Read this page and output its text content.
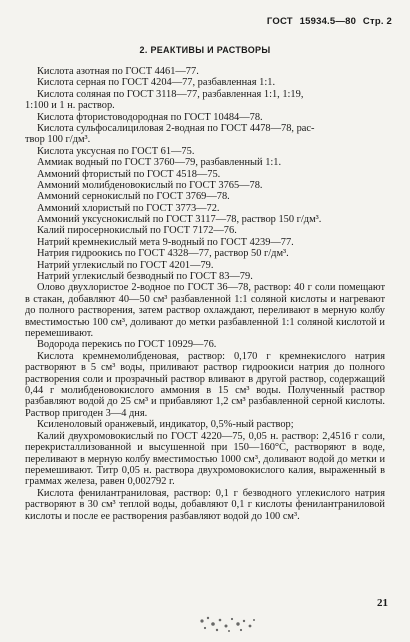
ГОСТ 15934.5—80 Стр. 2
2. РЕАКТИВЫ И РАСТВОРЫ
Кислота азотная по ГОСТ 4461—77.
Кислота серная по ГОСТ 4204—77, разбавленная 1:1.
Кислота соляная по ГОСТ 3118—77, разбавленная 1:1, 1:19,
1:100 и 1 н. раствор.
Кислота фтористоводородная по ГОСТ 10484—78.
Кислота сульфосалициловая 2-водная по ГОСТ 4478—78, рас-
твор 100 г/дм³.
Кислота уксусная по ГОСТ 61—75.
Аммиак водный по ГОСТ 3760—79, разбавленный 1:1.
Аммоний фтористый по ГОСТ 4518—75.
Аммоний молибденовокислый по ГОСТ 3765—78.
Аммоний сернокислый по ГОСТ 3769—78.
Аммоний хлористый по ГОСТ 3773—72.
Аммоний уксуснокислый по ГОСТ 3117—78, раствор 150 г/дм³.
Калий пиросернокислый по ГОСТ 7172—76.
Натрий кремнекислый мета 9-водный по ГОСТ 4239—77.
Натрия гидроокись по ГОСТ 4328—77, раствор 50 г/дм³.
Натрий углекислый по ГОСТ 4201—79.
Натрий углекислый безводный по ГОСТ 83—79.
Олово двухлористое 2-водное по ГОСТ 36—78, раствор: 40 г соли помещают в стакан, добавляют 40—50 см³ разбавленной 1:1 соляной кислоты и нагревают до полного растворения, затем раствор охлаждают, переливают в мерную колбу вместимостью 100 см³, доливают до метки разбавленной 1:1 соляной кислотой и перемешивают.
Водорода перекись по ГОСТ 10929—76.
Кислота кремнемолибденовая, раствор: 0,170 г кремнекислого натрия растворяют в 5 см³ воды, приливают раствор гидроокиси натрия до полного растворения соли и прозрачный раствор вливают в другой раствор, содержащий 0,44 г молибденовокислого аммония в 15 см³ воды. Полученный раствор разбавляют водой до 25 см³ и прибавляют 1,2 см³ разбавленной серной кислоты. Раствор пригоден 3—4 дня.
Ксиленоловый оранжевый, индикатор, 0,5%-ный раствор;
Калий двухромовокислый по ГОСТ 4220—75, 0,05 н. раствор: 2,4516 г соли, перекристаллизованной и высушенной при 150—160°С, растворяют в воде, переливают в мерную колбу вместимостью 1000 см³, доливают водой до метки и перемешивают. Титр 0,05 н. раствора двухромовокислого калия, выраженный в граммах железа, равен 0,002792 г.
Кислота фенилантраниловая, раствор: 0,1 г безводного углекислого натрия растворяют в 30 см³ теплой воды, добавляют 0,1 г кислоты фенилантраниловой кислоты и после ее растворения разбавляют водой до 100 см³.
21
